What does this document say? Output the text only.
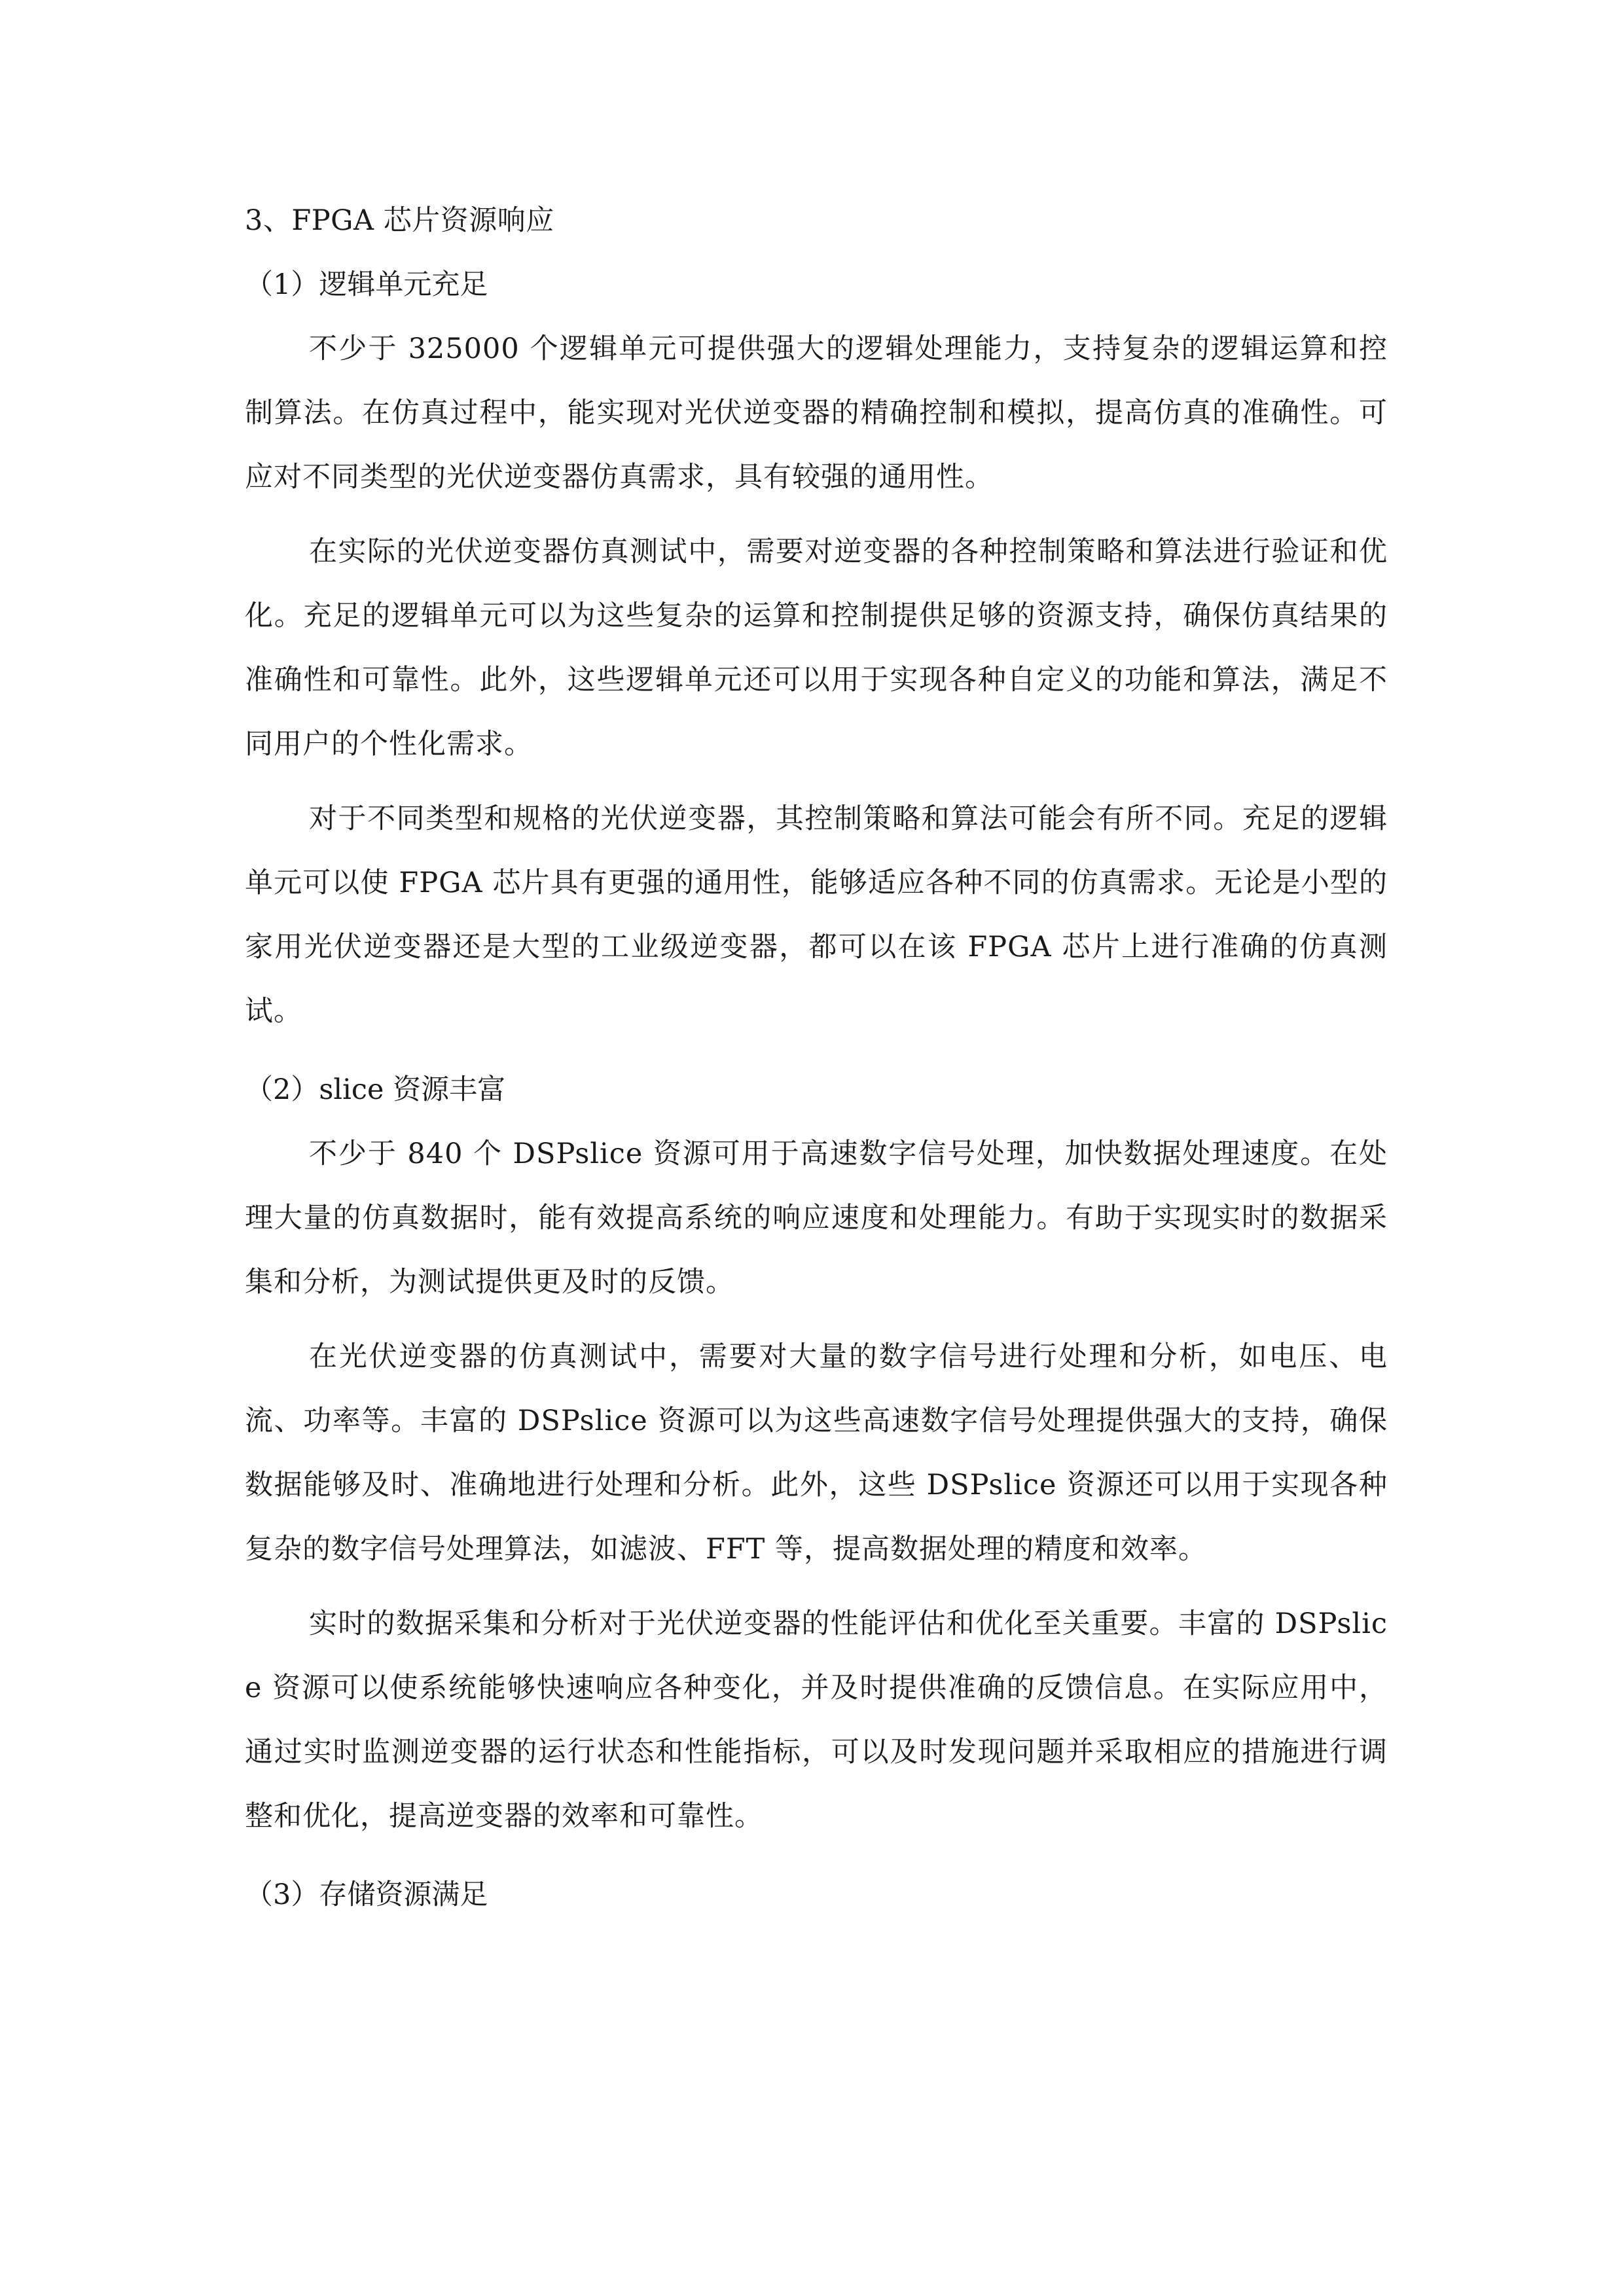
3、FPGA 芯片资源响应

（1）逻辑单元充足

不少于 325000 个逻辑单元可提供强大的逻辑处理能力，支持复杂的逻辑运算和控制算法。在仿真过程中，能实现对光伏逆变器的精确控制和模拟，提高仿真的准确性。可应对不同类型的光伏逆变器仿真需求，具有较强的通用性。

在实际的光伏逆变器仿真测试中，需要对逆变器的各种控制策略和算法进行验证和优化。充足的逻辑单元可以为这些复杂的运算和控制提供足够的资源支持，确保仿真结果的准确性和可靠性。此外，这些逻辑单元还可以用于实现各种自定义的功能和算法，满足不同用户的个性化需求。

对于不同类型和规格的光伏逆变器，其控制策略和算法可能会有所不同。充足的逻辑单元可以使 FPGA 芯片具有更强的通用性，能够适应各种不同的仿真需求。无论是小型的家用光伏逆变器还是大型的工业级逆变器，都可以在该 FPGA 芯片上进行准确的仿真测试。

（2）slice 资源丰富

不少于 840 个 DSPslice 资源可用于高速数字信号处理，加快数据处理速度。在处理大量的仿真数据时，能有效提高系统的响应速度和处理能力。有助于实现实时的数据采集和分析，为测试提供更及时的反馈。

在光伏逆变器的仿真测试中，需要对大量的数字信号进行处理和分析，如电压、电流、功率等。丰富的 DSPslice 资源可以为这些高速数字信号处理提供强大的支持，确保数据能够及时、准确地进行处理和分析。此外，这些 DSPslice 资源还可以用于实现各种复杂的数字信号处理算法，如滤波、FFT 等，提高数据处理的精度和效率。

实时的数据采集和分析对于光伏逆变器的性能评估和优化至关重要。丰富的 DSPslice 资源可以使系统能够快速响应各种变化，并及时提供准确的反馈信息。在实际应用中，通过实时监测逆变器的运行状态和性能指标，可以及时发现问题并采取相应的措施进行调整和优化，提高逆变器的效率和可靠性。

（3）存储资源满足
